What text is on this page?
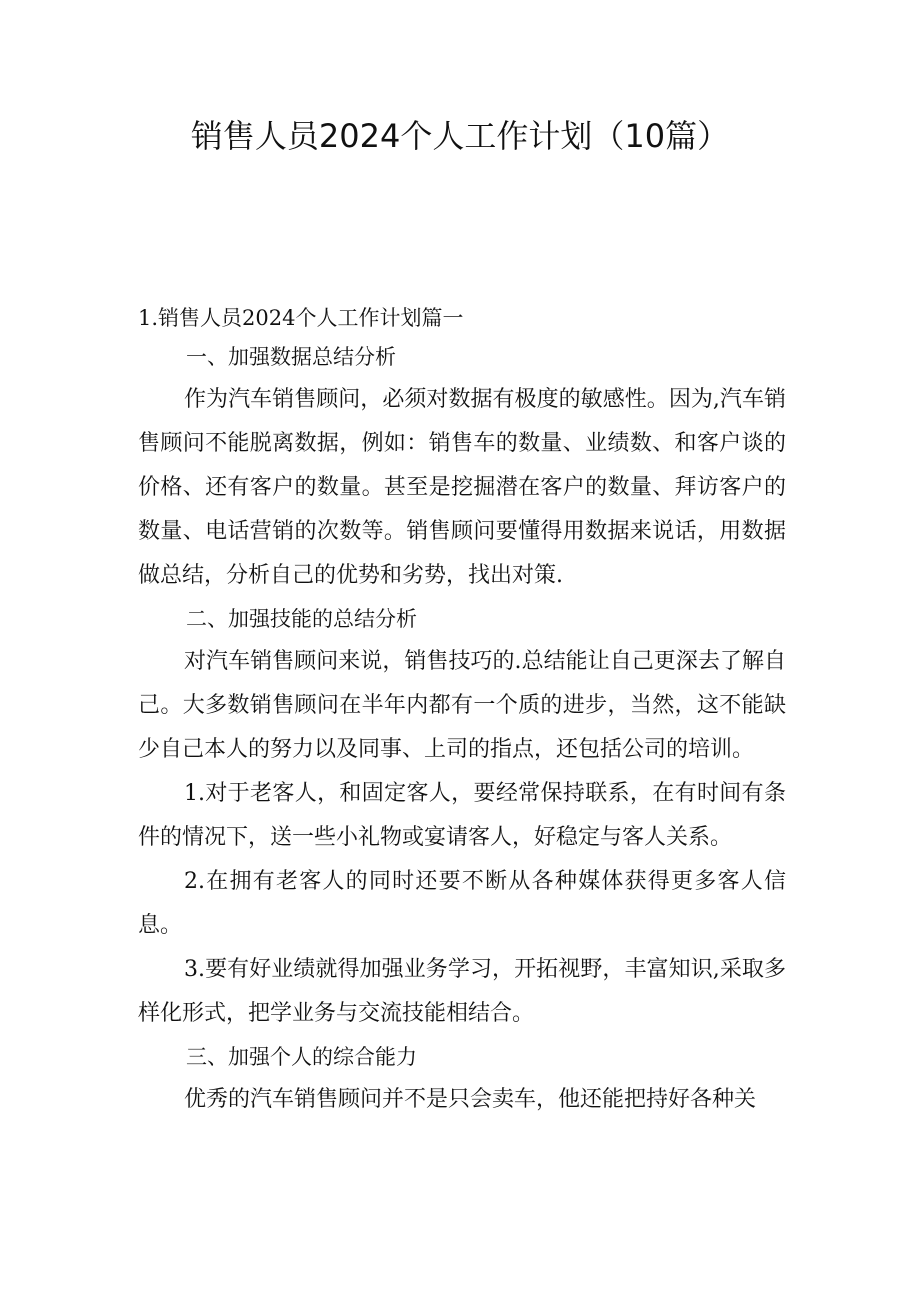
销售人员2024个人工作计划（10篇）

1.销售人员2024个人工作计划篇一

一、加强数据总结分析

作为汽车销售顾问，必须对数据有极度的敏感性。因为,汽车销售顾问不能脱离数据，例如：销售车的数量、业绩数、和客户谈的价格、还有客户的数量。甚至是挖掘潜在客户的数量、拜访客户的数量、电话营销的次数等。销售顾问要懂得用数据来说话，用数据做总结，分析自己的优势和劣势，找出对策.

二、加强技能的总结分析

对汽车销售顾问来说，销售技巧的.总结能让自己更深去了解自己。大多数销售顾问在半年内都有一个质的进步，当然，这不能缺少自己本人的努力以及同事、上司的指点，还包括公司的培训。

1.对于老客人，和固定客人，要经常保持联系，在有时间有条件的情况下，送一些小礼物或宴请客人，好稳定与客人关系。

2.在拥有老客人的同时还要不断从各种媒体获得更多客人信息。

3.要有好业绩就得加强业务学习，开拓视野，丰富知识,采取多样化形式，把学业务与交流技能相结合。

三、加强个人的综合能力

优秀的汽车销售顾问并不是只会卖车，他还能把持好各种关
